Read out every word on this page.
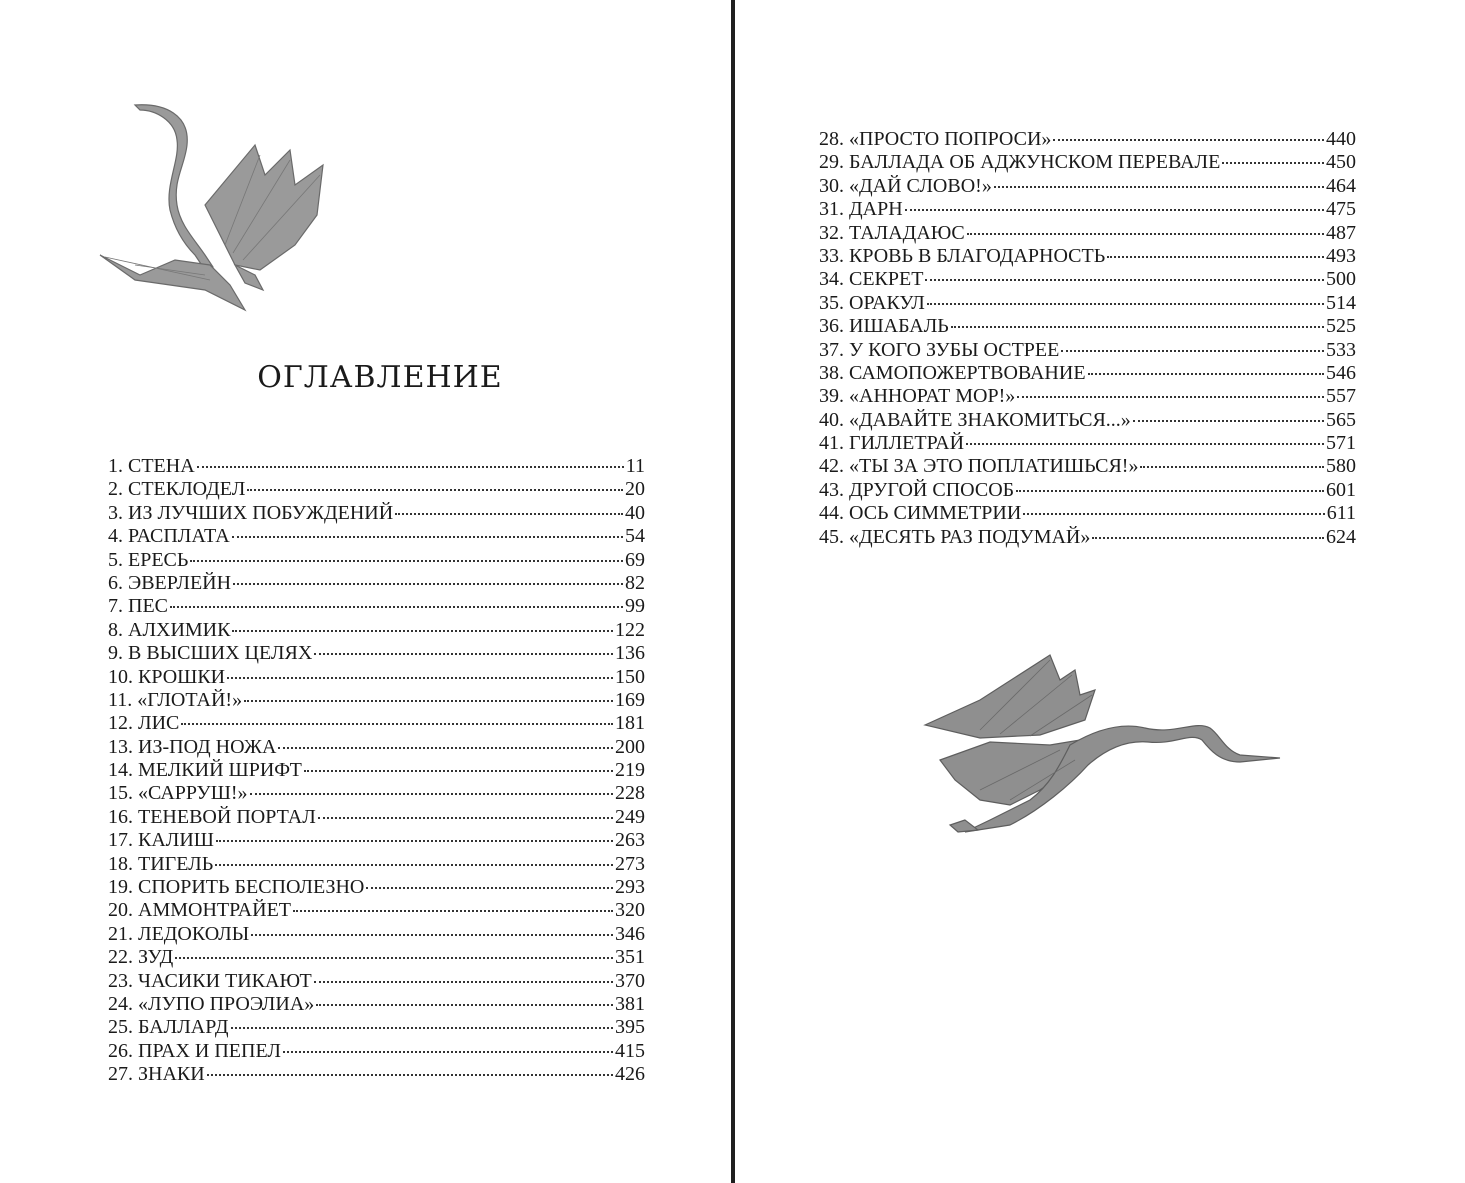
ОГЛАВЛЕНИЕ
1. СТЕНА	11
2. СТЕКЛОДЕЛ	20
3. ИЗ ЛУЧШИХ ПОБУЖДЕНИЙ	40
4. РАСПЛАТА	54
5. ЕРЕСЬ	69
6. ЭВЕРЛЕЙН	82
7. ПЕС	99
8. АЛХИМИК	122
9. В ВЫСШИХ ЦЕЛЯХ	136
10. КРОШКИ	150
11. «ГЛОТАЙ!»	169
12. ЛИС	181
13. ИЗ-ПОД НОЖА	200
14. МЕЛКИЙ ШРИФТ	219
15. «САРРУШ!»	228
16. ТЕНЕВОЙ ПОРТАЛ	249
17. КАЛИШ	263
18. ТИГЕЛЬ	273
19. СПОРИТЬ БЕСПОЛЕЗНО	293
20. АММОНТРАЙЕТ	320
21. ЛЕДОКОЛЫ	346
22. ЗУД	351
23. ЧАСИКИ ТИКАЮТ	370
24. «ЛУПО ПРОЭЛИА»	381
25. БАЛЛАРД	395
26. ПРАХ И ПЕПЕЛ	415
27. ЗНАКИ	426
28. «ПРОСТО ПОПРОСИ»	440
29. БАЛЛАДА ОБ АДЖУНСКОМ ПЕРЕВАЛЕ	450
30. «ДАЙ СЛОВО!»	464
31. ДАРН	475
32. ТАЛАДАЮС	487
33. КРОВЬ В БЛАГОДАРНОСТЬ	493
34. СЕКРЕТ	500
35. ОРАКУЛ	514
36. ИШАБАЛЬ	525
37. У КОГО ЗУБЫ ОСТРЕЕ	533
38. САМОПОЖЕРТВОВАНИЕ	546
39. «АННОРАТ МОР!»	557
40. «ДАВАЙТЕ ЗНАКОМИТЬСЯ...»	565
41. ГИЛЛЕТРАЙ	571
42. «ТЫ ЗА ЭТО ПОПЛАТИШЬСЯ!»	580
43. ДРУГОЙ СПОСОБ	601
44. ОСЬ СИММЕТРИИ	611
45. «ДЕСЯТЬ РАЗ ПОДУМАЙ»	624
